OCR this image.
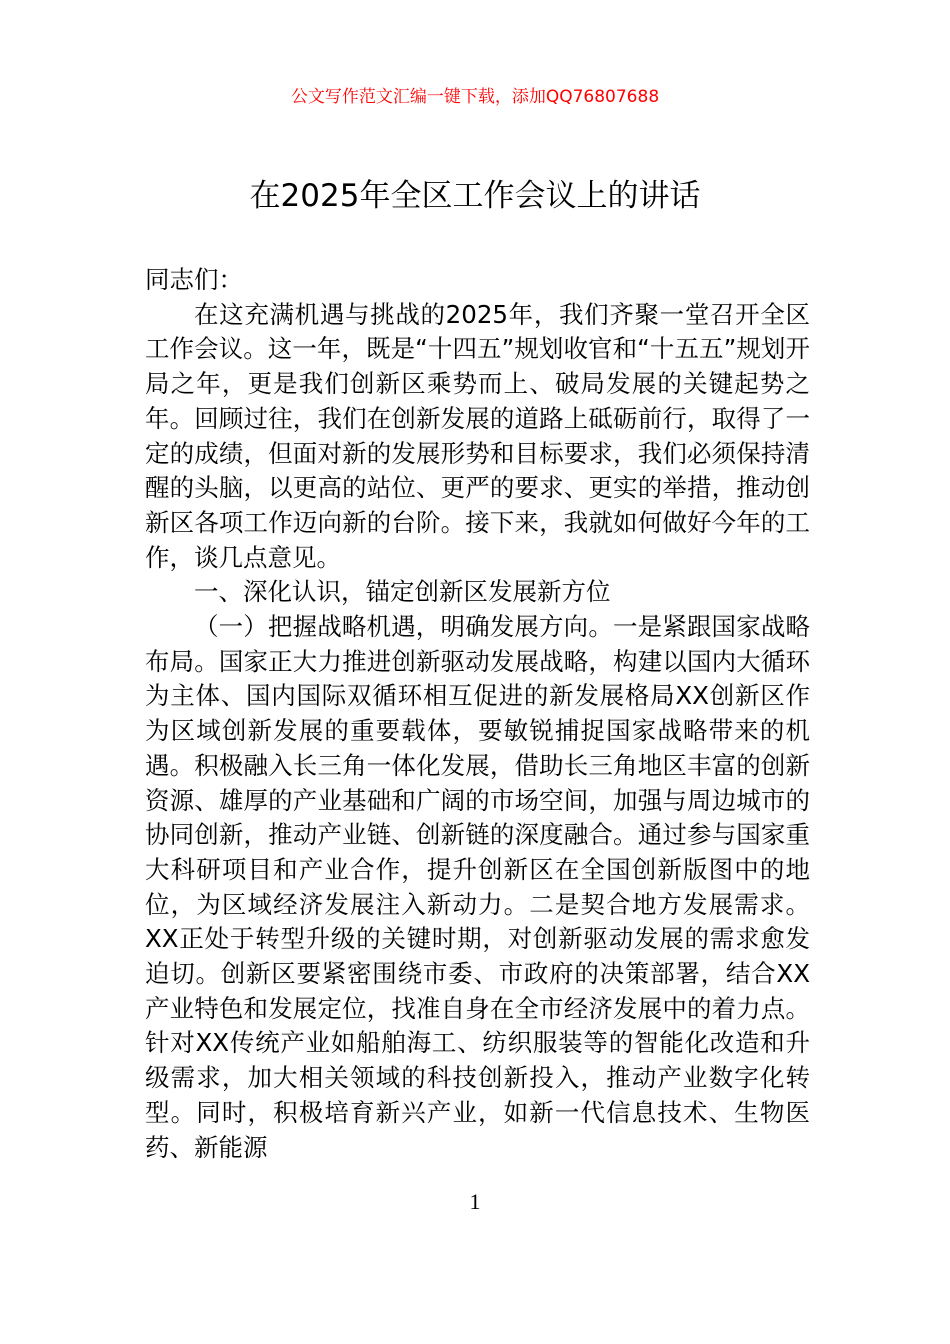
公文写作范文汇编一键下载，添加QQ76807688
在2025年全区工作会议上的讲话

同志们：

在这充满机遇与挑战的2025年，我们齐聚一堂召开全区工作会议。这一年，既是“十四五”规划收官和“十五五”规划开局之年，更是我们创新区乘势而上、破局发展的关键起势之年。回顾过往，我们在创新发展的道路上砥砺前行，取得了一定的成绩，但面对新的发展形势和目标要求，我们必须保持清醒的头脑，以更高的站位、更严的要求、更实的举措，推动创新区各项工作迈向新的台阶。接下来，我就如何做好今年的工作，谈几点意见。

一、深化认识，锚定创新区发展新方位

（一）把握战略机遇，明确发展方向。一是紧跟国家战略布局。国家正大力推进创新驱动发展战略，构建以国内大循环为主体、国内国际双循环相互促进的新发展格局XX创新区作为区域创新发展的重要载体，要敏锐捕捉国家战略带来的机遇。积极融入长三角一体化发展，借助长三角地区丰富的创新资源、雄厚的产业基础和广阔的市场空间，加强与周边城市的协同创新，推动产业链、创新链的深度融合。通过参与国家重大科研项目和产业合作，提升创新区在全国创新版图中的地位，为区域经济发展注入新动力。二是契合地方发展需求。XX正处于转型升级的关键时期，对创新驱动发展的需求愈发迫切。创新区要紧密围绕市委、市政府的决策部署，结合XX产业特色和发展定位，找准自身在全市经济发展中的着力点。针对XX传统产业如船舶海工、纺织服装等的智能化改造和升级需求，加大相关领域的科技创新投入，推动产业数字化转型。同时，积极培育新兴产业，如新一代信息技术、生物医药、新能源

1
